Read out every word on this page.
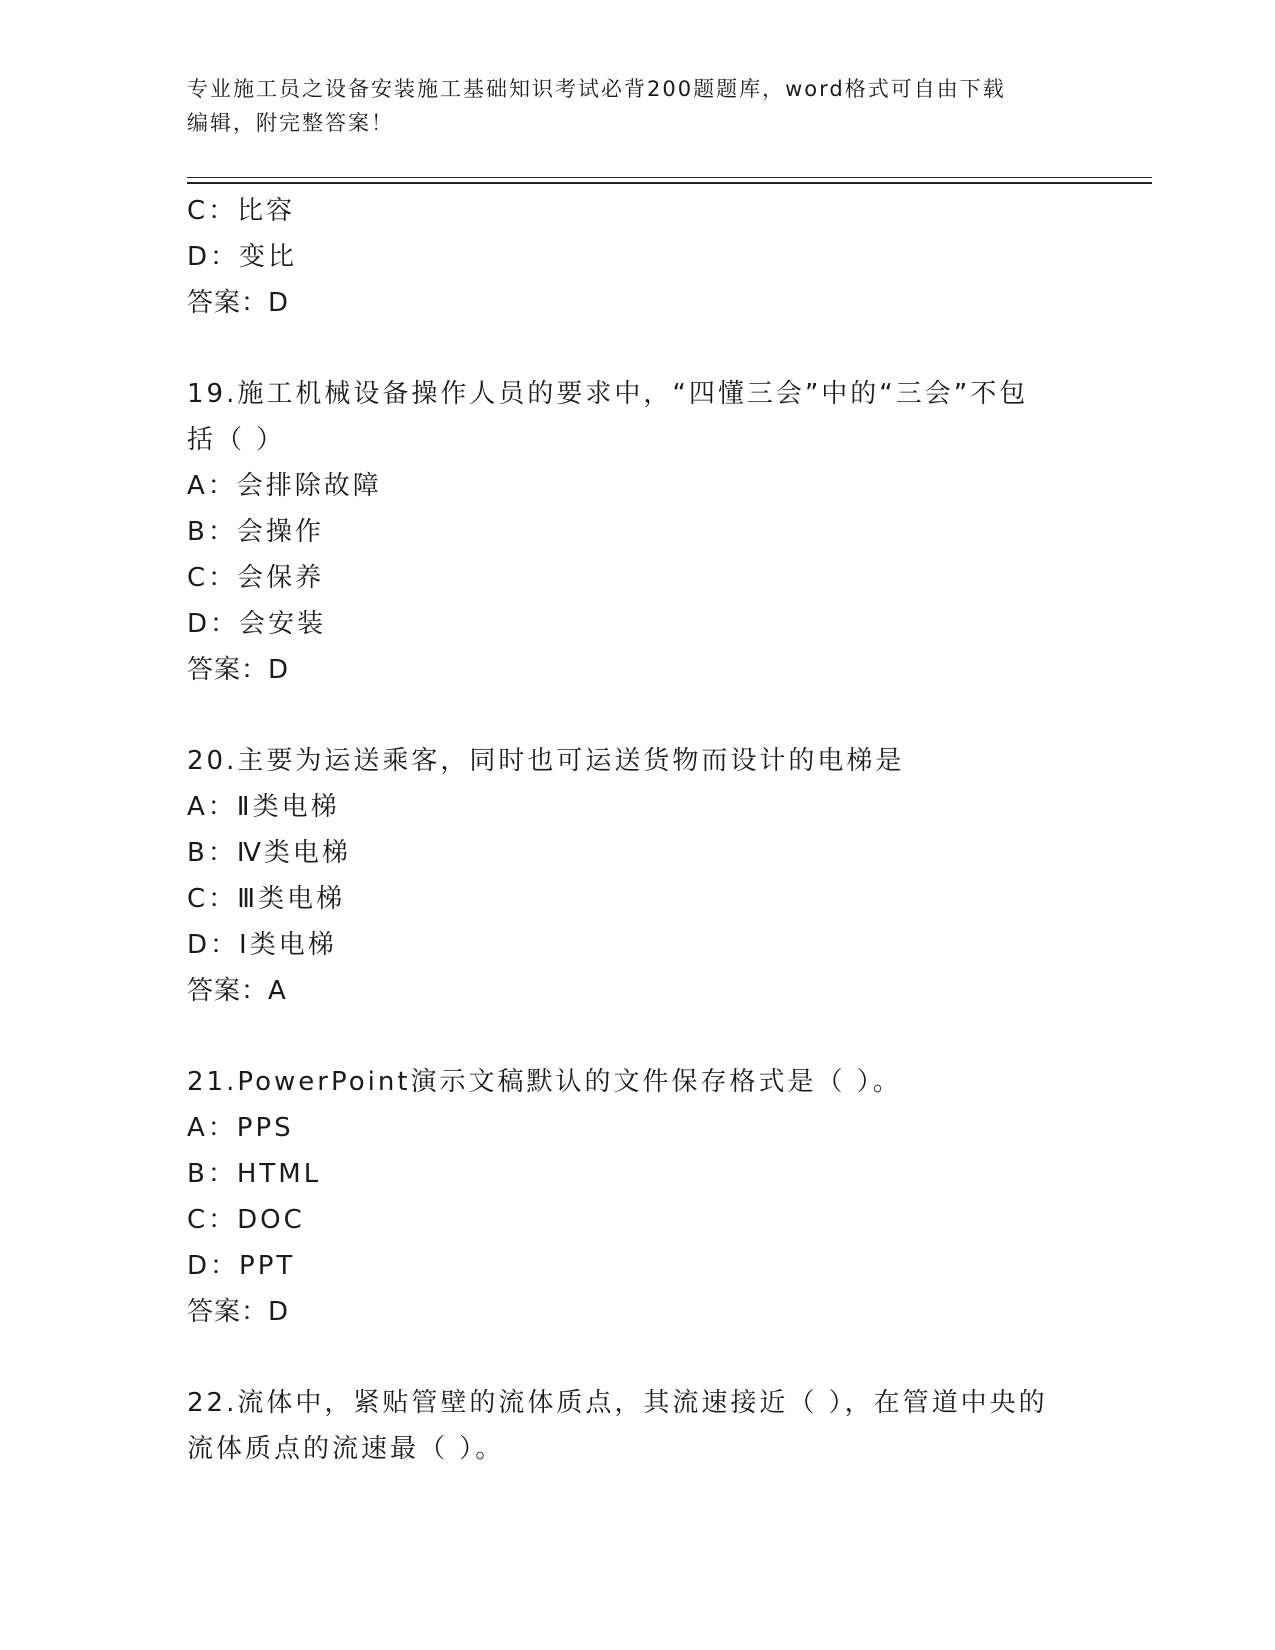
专业施工员之设备安装施工基础知识考试必背200题题库，word格式可自由下载
编辑，附完整答案！
C：比容
D：变比
答案：D
19.施工机械设备操作人员的要求中，“四懂三会”中的“三会”不包
括（ ）
A：会排除故障
B：会操作
C：会保养
D：会安装
答案：D
20.主要为运送乘客，同时也可运送货物而设计的电梯是
A：Ⅱ类电梯
B：Ⅳ类电梯
C：Ⅲ类电梯
D：Ⅰ类电梯
答案：A
21.PowerPoint演示文稿默认的文件保存格式是（ ）。
A：PPS
B：HTML
C：DOC
D：PPT
答案：D
22.流体中，紧贴管壁的流体质点，其流速接近（ ），在管道中央的
流体质点的流速最（ ）。
